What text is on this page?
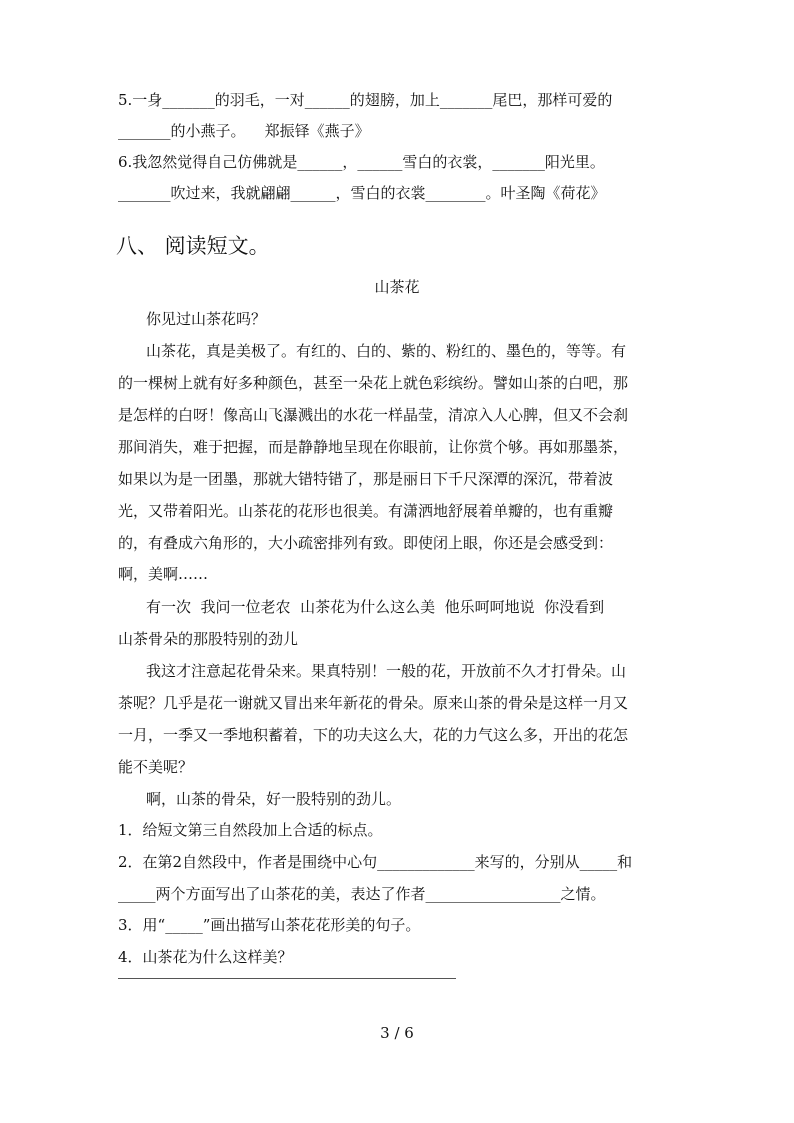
5.一身_______的羽毛，一对______的翅膀，加上_______尾巴，那样可爱的
_______的小燕子。    郑振铎《燕子》
6.我忽然觉得自己仿佛就是______，______雪白的衣裳，_______阳光里。
_______吹过来，我就翩翩______，雪白的衣裳________。叶圣陶《荷花》
八、 阅读短文。
山茶花
你见过山茶花吗？
山茶花，真是美极了。有红的、白的、紫的、粉红的、墨色的，等等。有
的一棵树上就有好多种颜色，甚至一朵花上就色彩缤纷。譬如山茶的白吧，那
是怎样的白呀！像高山飞瀑溅出的水花一样晶莹，清凉入人心脾，但又不会刹
那间消失，难于把握，而是静静地呈现在你眼前，让你赏个够。再如那墨茶，
如果以为是一团墨，那就大错特错了，那是丽日下千尺深潭的深沉，带着波
光，又带着阳光。山茶花的花形也很美。有潇洒地舒展着单瓣的，也有重瓣
的，有叠成六角形的，大小疏密排列有致。即使闭上眼，你还是会感受到：
啊，美啊……
有一次  我问一位老农  山茶花为什么这么美  他乐呵呵地说  你没看到
山茶骨朵的那股特别的劲儿
我这才注意起花骨朵来。果真特别！一般的花，开放前不久才打骨朵。山
茶呢？几乎是花一谢就又冒出来年新花的骨朵。原来山茶的骨朵是这样一月又
一月，一季又一季地积蓄着，下的功夫这么大，花的力气这么多，开出的花怎
能不美呢？
啊，山茶的骨朵，好一股特别的劲儿。
1．给短文第三自然段加上合适的标点。
2．在第2自然段中，作者是围绕中心句_____________来写的，分别从_____和
_____两个方面写出了山茶花的美，表达了作者__________________之情。
3．用“_____”画出描写山茶花花形美的句子。
4．山茶花为什么这样美？
3 / 6
